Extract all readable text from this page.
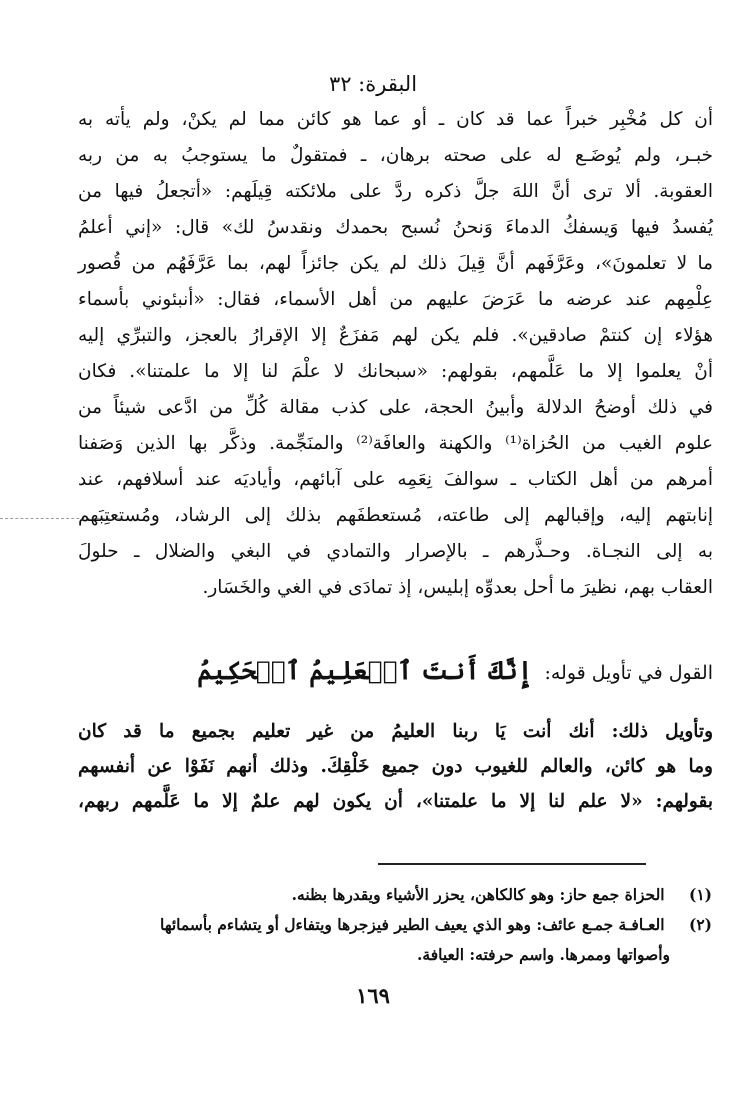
البقرة: ٣٢
أن كل مُخْبِر خبراً عما قد كان ـ أو عما هو كائن مما لم يكنْ، ولم يأته به
خبـر، ولم يُوضَـع له على صحته برهان، ـ فمتقولٌ ما يستوجبُ به من ربه
العقوبة. ألا ترى أنَّ اللهَ جلَّ ذكره ردَّ على ملائكته قِيلَهم: «أتجعلُ فيها من
يُفسدُ فيها وَيسفكُ الدماءَ وَنحنُ نُسبح بحمدك ونقدسُ لك» قال: «إني أعلمُ
ما لا تعلمونَ»، وعَرَّفَهم أنَّ قِيلَ ذلك لم يكن جائزاً لهم، بما عَرَّفَهُم من قُصور
عِلْمِهم عند عرضه ما عَرَضَ عليهم من أهل الأسماء، فقال: «أنبئوني بأسماء
هؤلاء إن كنتمْ صادقين». فلم يكن لهم مَفزَعٌ إلا الإقرارُ بالعجز، والتبرِّي إليه
أنْ يعلموا إلا ما عَلَّمهم، بقولهم: «سبحانك لا علْمَ لنا إلا ما علمتنا». فكان
في ذلك أوضحُ الدلالة وأبينُ الحجة، على كذب مقالة كُلِّ من ادَّعى شيئاً من
علوم الغيب من الحُزاة⁽¹⁾ والكهنة والعافَة⁽²⁾ والمنَجِّمة. وذكَّر بها الذين وَصَفنا
أمرهم من أهل الكتاب ـ سوالفَ نِعَمِه على آبائهم، وأياديَه عند أسلافهم، عند
إنابتهم إليه، وإقبالهم إلى طاعته، مُستعطفَهم بذلك إلى الرشاد، ومُستعتِبَهم
به إلى النجـاة. وحـذَّرهم ـ بالإصرار والتمادي في البغي والضلال ـ حلولَ
العقاب بهم، نظيرَ ما أحل بعدوِّه إبليس، إذ تمادَى في الغي والخَسَار.
القول في تأويل قوله: إِنَّكَ أَنتَ ٱلۡعَلِيمُ ٱلۡحَكِيمُ
وتأويل ذلك: أنك أنت يَا ربنا العليمُ من غير تعليم بجميع ما قد كان
وما هو كائن، والعالم للغيوب دون جميع خَلْقِكَ. وذلك أنهم نَفَوْا عن أنفسهم
بقولهم: «لا علم لنا إلا ما علمتنا»، أن يكون لهم علمٌ إلا ما عَلَّمهم ربهم،
(١) الحزاة جمع حاز: وهو كالكاهن، يحزر الأشياء ويقدرها بظنه.
(٢) العـافـة جمـع عائف: وهو الذي يعيف الطير فيزجرها ويتفاءل أو يتشاءم بأسمائها
وأصواتها وممرها. واسم حرفته: العيافة.
١٦٩
